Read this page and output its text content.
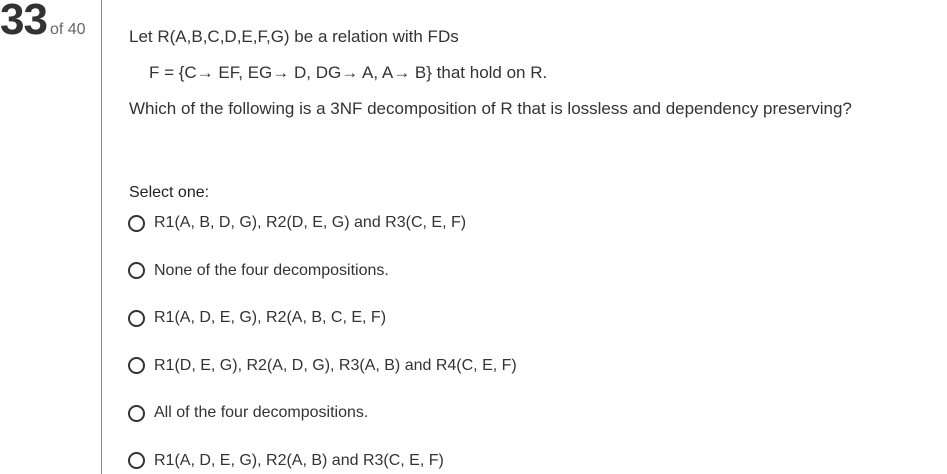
33 of 40	Let R(A,B,C,D,E,F,G) be a relation with FDs
F = {C→ EF, EG→ D, DG→ A, A→ B} that hold on R.
Which of the following is a 3NF decomposition of R that is lossless and dependency preserving?
Select one:
R1(A, B, D, G), R2(D, E, G) and R3(C, E, F)
None of the four decompositions.
R1(A, D, E, G), R2(A, B, C, E, F)
R1(D, E, G), R2(A, D, G), R3(A, B) and R4(C, E, F)
All of the four decompositions.
R1(A, D, E, G), R2(A, B) and R3(C, E, F)
